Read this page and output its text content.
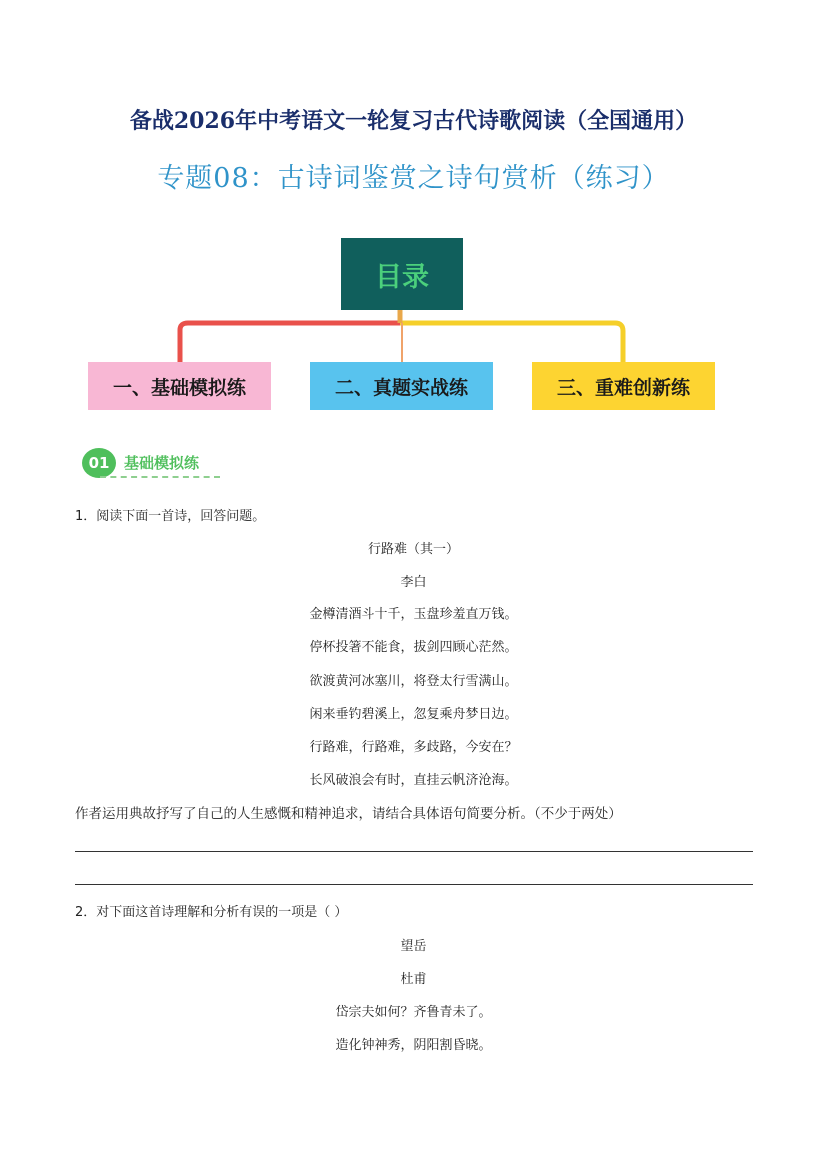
备战2026年中考语文一轮复习古代诗歌阅读（全国通用）
专题08：古诗词鉴赏之诗句赏析（练习）
目录
一、基础模拟练	二、真题实战练	三、重难创新练
01 基础模拟练
1．阅读下面一首诗，回答问题。
行路难（其一）
李白
金樽清酒斗十千，玉盘珍羞直万钱。
停杯投箸不能食，拔剑四顾心茫然。
欲渡黄河冰塞川，将登太行雪满山。
闲来垂钓碧溪上，忽复乘舟梦日边。
行路难，行路难，多歧路，今安在？
长风破浪会有时，直挂云帆济沧海。
作者运用典故抒写了自己的人生感慨和精神追求，请结合具体语句简要分析。（不少于两处）
2．对下面这首诗理解和分析有误的一项是（ ）
望岳
杜甫
岱宗夫如何？齐鲁青未了。
造化钟神秀，阴阳割昏晓。
